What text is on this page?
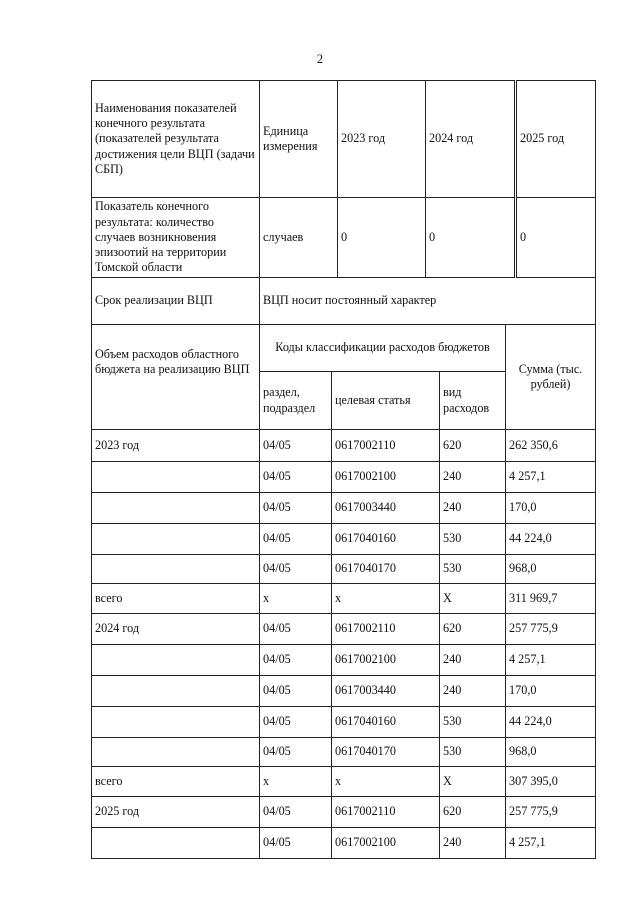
2
Наименования показателей конечного результата (показателей результата достижения цели ВЦП (задачи СБП)	Единица измерения	2023 год	2024 год	2025 год
Показатель конечного результата: количество случаев возникновения эпизоотий на территории Томской области	случаев	0	0	0
Срок реализации ВЦП	ВЦП носит постоянный характер			
Объем расходов областного бюджета на реализацию ВЦП	Коды классификации расходов бюджетов			Сумма (тыс. рублей)
	раздел, подраздел	целевая статья	вид расходов	
2023 год	04/05	0617002110	620	262 350,6
	04/05	0617002100	240	4 257,1
	04/05	0617003440	240	170,0
	04/05	0617040160	530	44 224,0
	04/05	0617040170	530	968,0
всего	х	х	Х	311 969,7
2024 год	04/05	0617002110	620	257 775,9
	04/05	0617002100	240	4 257,1
	04/05	0617003440	240	170,0
	04/05	0617040160	530	44 224,0
	04/05	0617040170	530	968,0
всего	х	х	Х	307 395,0
2025 год	04/05	0617002110	620	257 775,9
	04/05	0617002100	240	4 257,1
